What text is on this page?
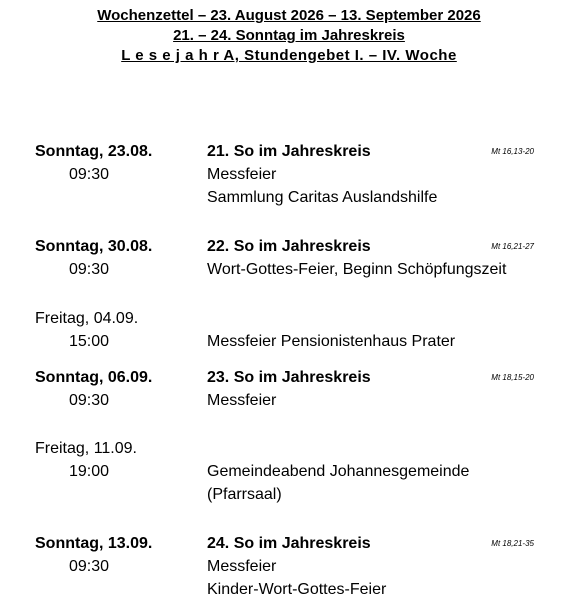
Wochenzettel – 23. August 2026 – 13. September 2026
21. – 24. Sonntag im Jahreskreis
L e s e j a h r A, Stundengebet I. – IV. Woche
Sonntag, 23.08.	21. So im Jahreskreis	Mt 16,13-20
09:30	Messfeier
Sammlung Caritas Auslandshilfe
Sonntag, 30.08.	22. So im Jahreskreis	Mt 16,21-27
09:30	Wort-Gottes-Feier, Beginn Schöpfungszeit
Freitag, 04.09.
15:00	Messfeier Pensionistenhaus Prater
Sonntag, 06.09.	23. So im Jahreskreis	Mt 18,15-20
09:30	Messfeier
Freitag, 11.09.
19:00	Gemeindeabend Johannesgemeinde
(Pfarrsaal)
Sonntag, 13.09.	24. So im Jahreskreis	Mt 18,21-35
09:30	Messfeier
Kinder-Wort-Gottes-Feier
